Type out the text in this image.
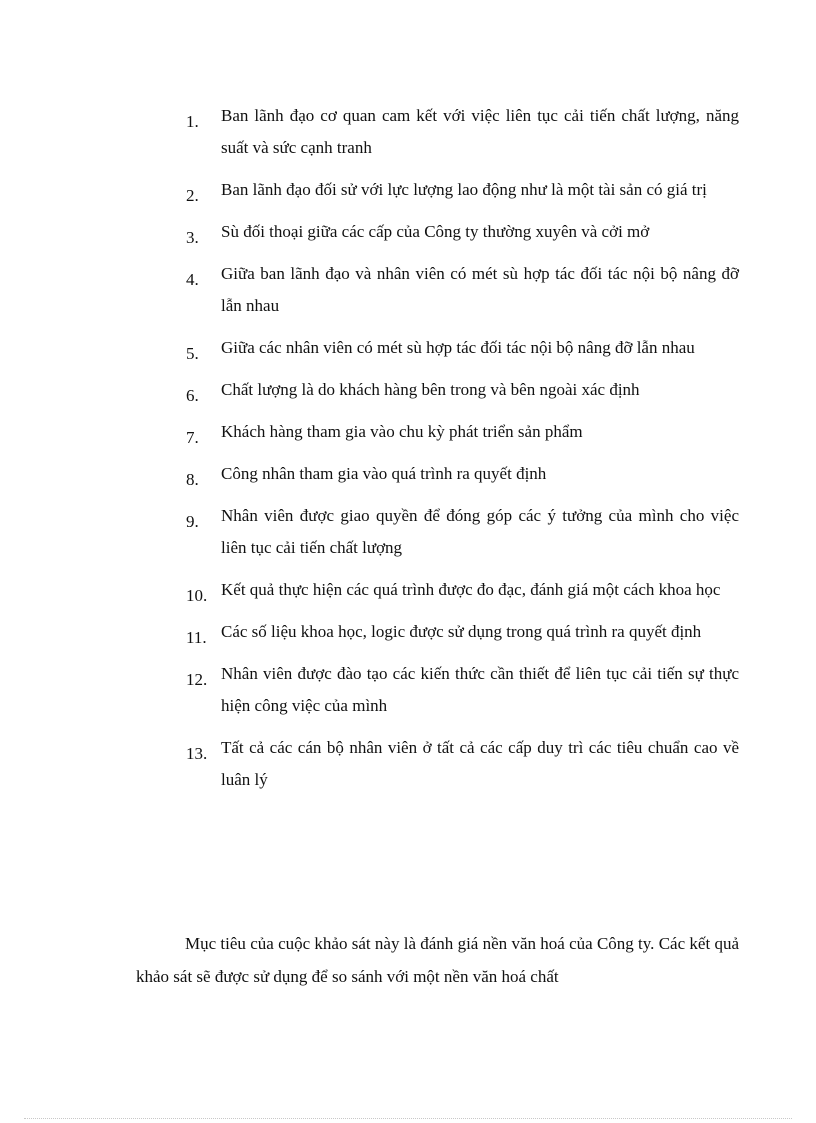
1. Ban lãnh đạo cơ quan cam kết với việc liên tục cải tiến chất lượng, năng suất và sức cạnh tranh
2. Ban lãnh đạo đối sử với lực lượng lao động như là một tài sản có giá trị
3. Sù đối thoại giữa các cấp của Công ty thường xuyên và cởi mở
4. Giữa ban lãnh đạo và nhân viên có mét sù hợp tác đối tác nội bộ nâng đỡ lẫn nhau
5. Giữa các nhân viên có mét sù hợp tác đối tác nội bộ nâng đỡ lẫn nhau
6. Chất lượng là do khách hàng bên trong và bên ngoài xác định
7. Khách hàng tham gia vào chu kỳ phát triển sản phẩm
8. Công nhân tham gia vào quá trình ra quyết định
9. Nhân viên được giao quyền để đóng góp các ý tưởng của mình cho việc liên tục cải tiến chất lượng
10. Kết quả thực hiện các quá trình được đo đạc, đánh giá một cách khoa học
11. Các số liệu khoa học, logic được sử dụng trong quá trình ra quyết định
12. Nhân viên được đào tạo các kiến thức cần thiết để liên tục cải tiến sự thực hiện công việc của mình
13. Tất cả các cán bộ nhân viên ở tất cả các cấp duy trì các tiêu chuẩn cao về luân lý

Mục tiêu của cuộc khảo sát này là đánh giá nền văn hoá của Công ty. Các kết quả khảo sát sẽ được sử dụng để so sánh với một nền văn hoá chất
